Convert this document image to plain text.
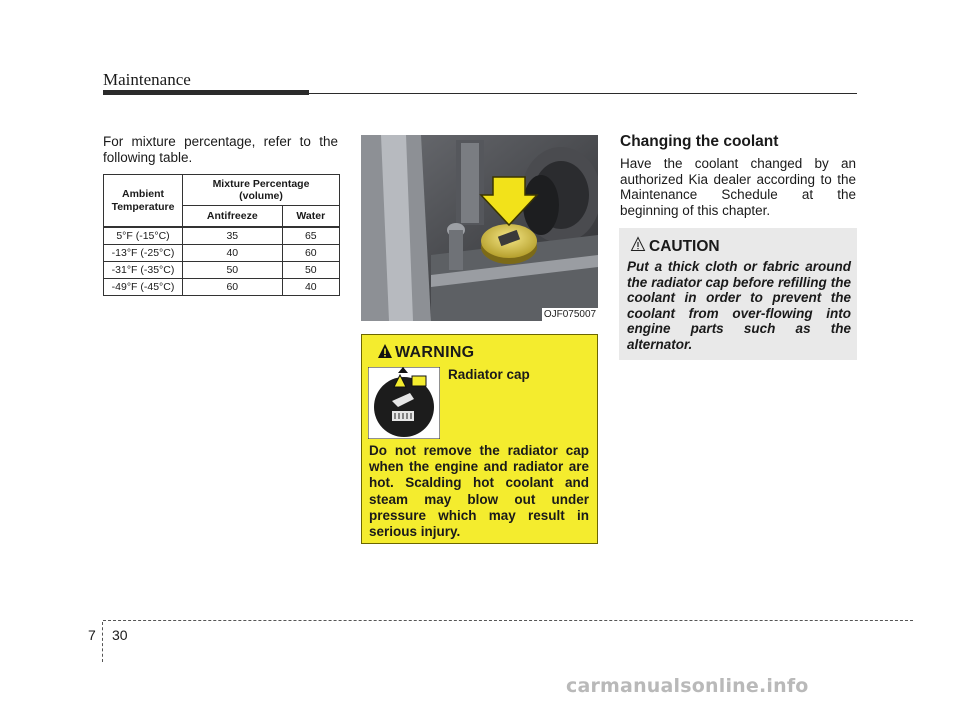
Maintenance
For mixture percentage, refer to the following table.
Ambient
Temperature	Mixture Percentage
(volume)	
	Antifreeze	Water
5°F (-15°C)	35	65
-13°F (-25°C)	40	60
-31°F (-35°C)	50	50
-49°F (-45°C)	60	40
OJF075007
WARNING
Radiator cap
Do not remove the radiator cap when the engine and radiator are hot. Scalding hot coolant and steam may blow out under pressure which may result in serious injury.
Changing the coolant
Have the coolant changed by an authorized Kia dealer according to the Maintenance Schedule at the beginning of this chapter.
CAUTION
Put a thick cloth or fabric around the radiator cap before refilling the coolant in order to prevent the coolant from over-flowing into engine parts such as the alternator.
7 30
carmanualsonline.info
